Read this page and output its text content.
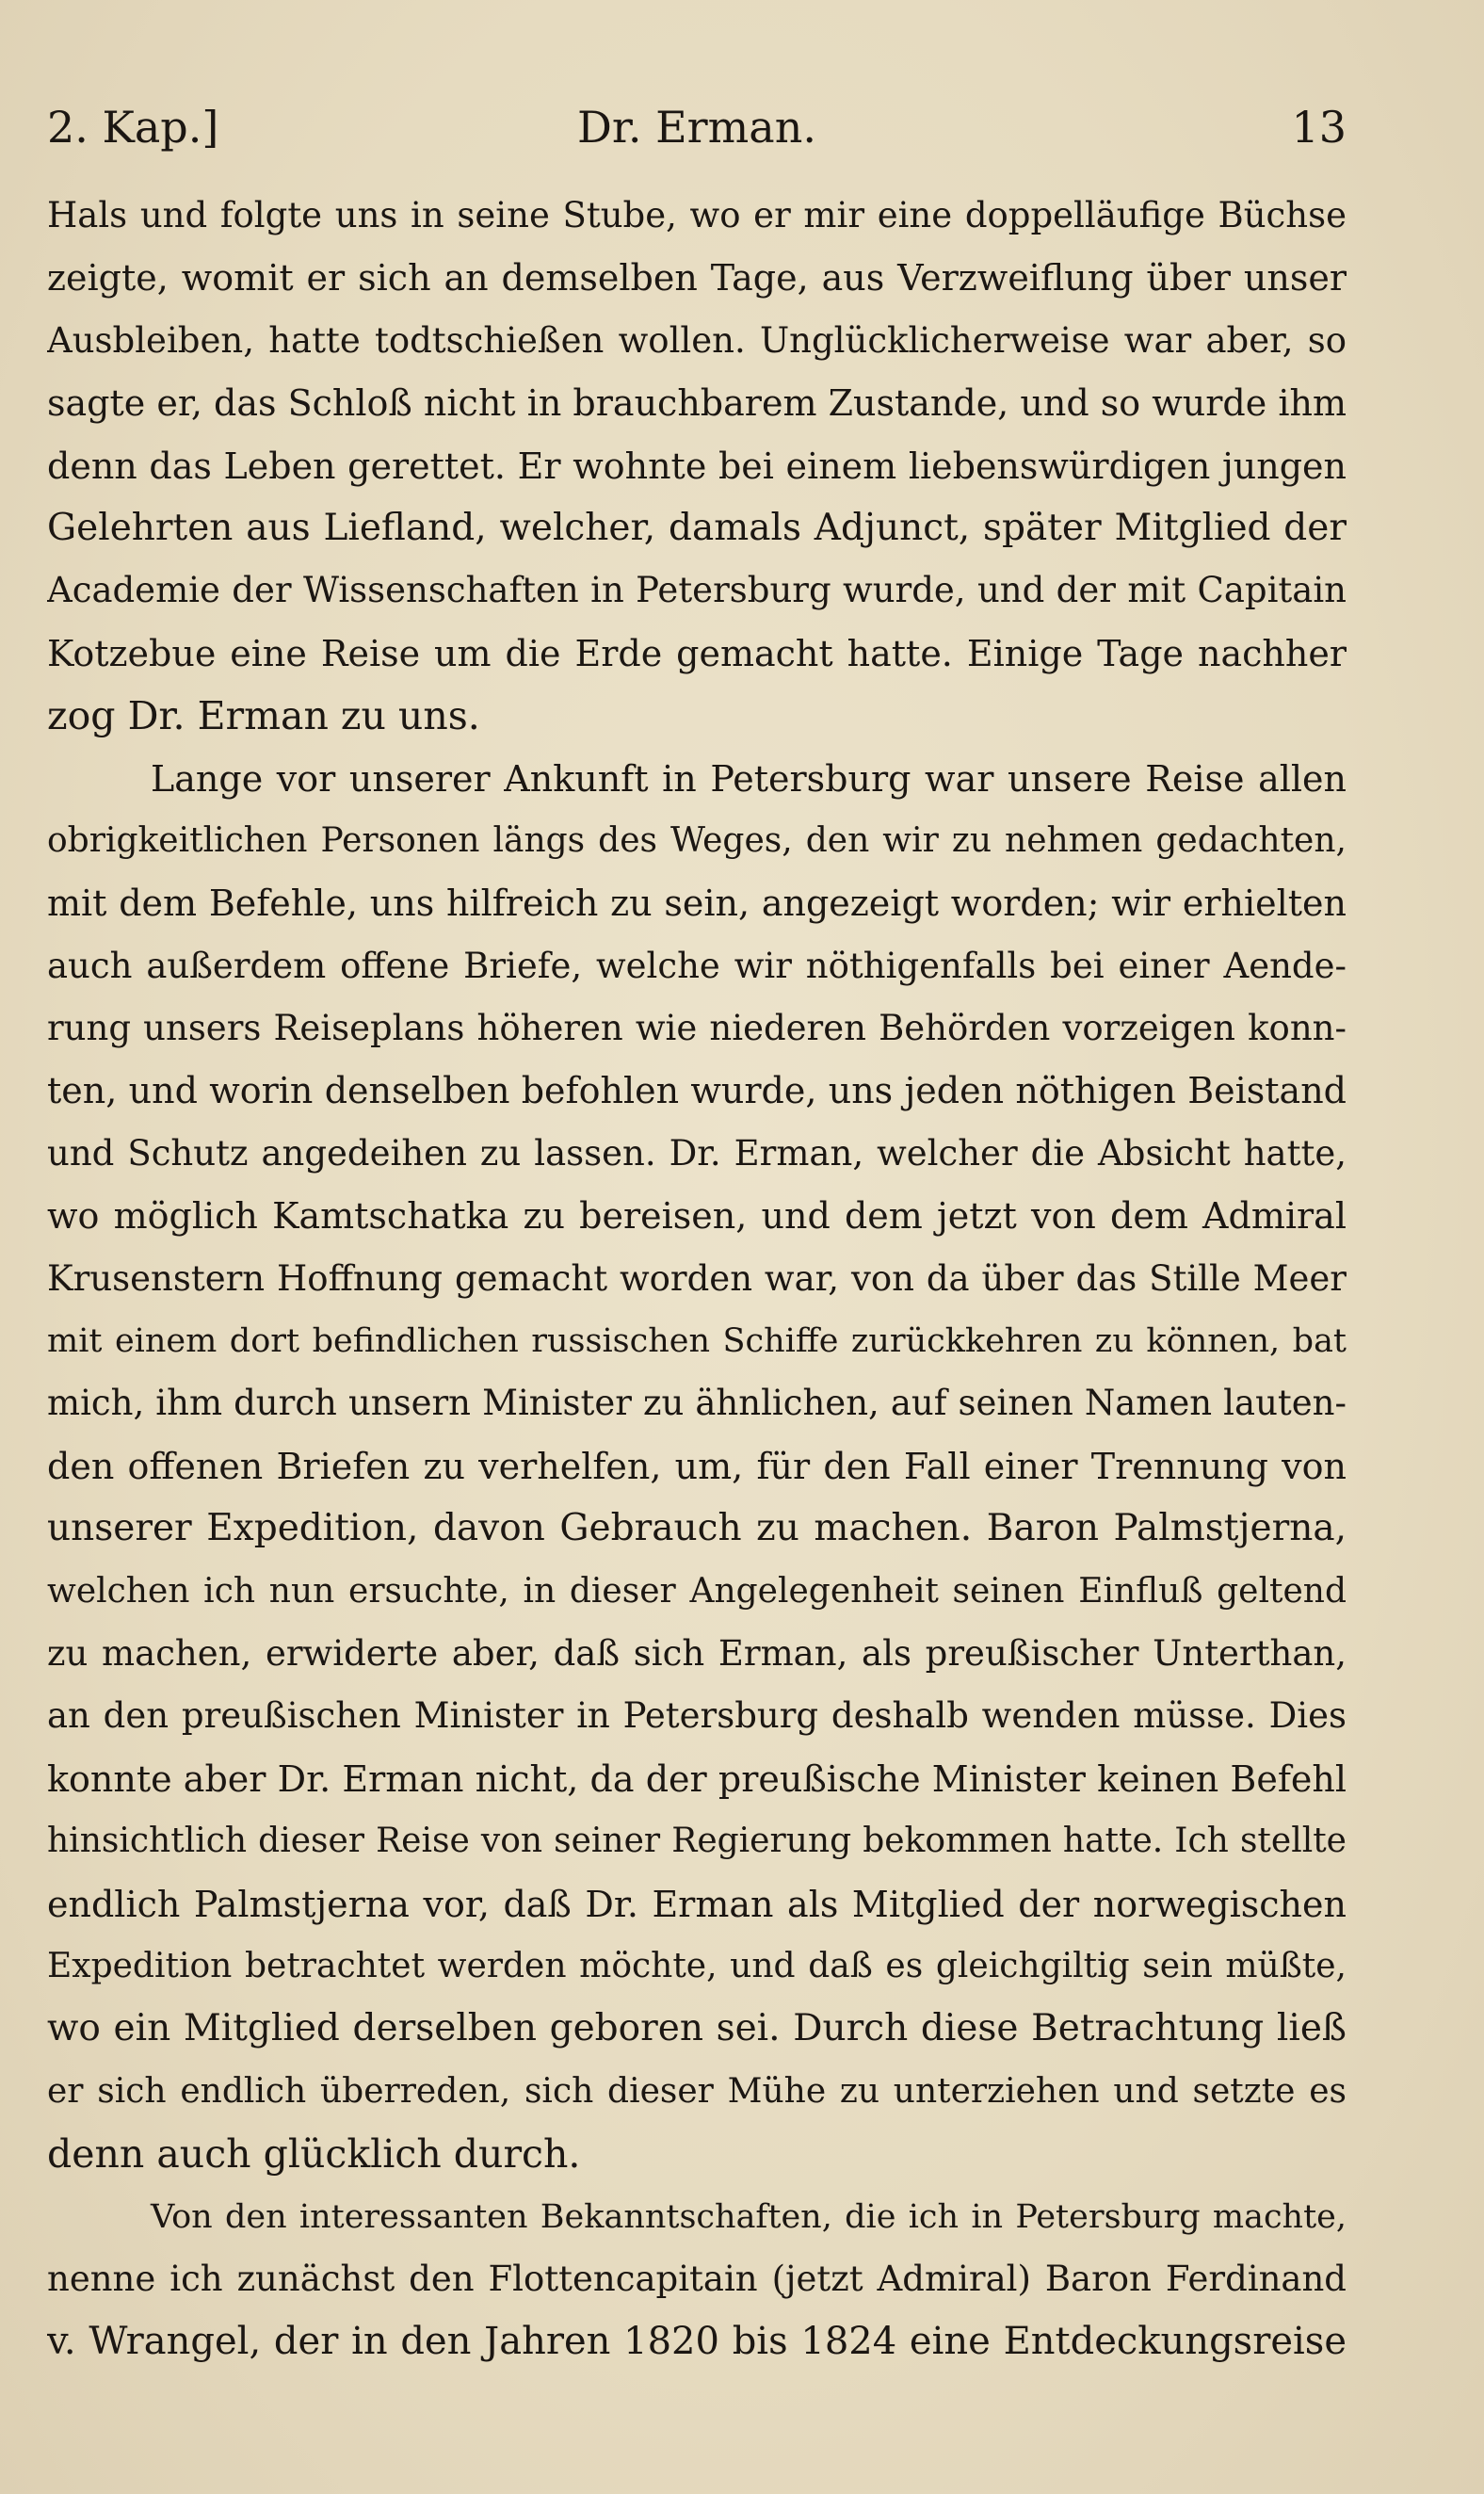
2. Kap.]	Dr. Erman.	13
Hals und folgte uns in seine Stube, wo er mir eine doppelläufige Büchse
zeigte, womit er sich an demselben Tage, aus Verzweiflung über unser
Ausbleiben, hatte todtschießen wollen. Unglücklicherweise war aber, so
sagte er, das Schloß nicht in brauchbarem Zustande, und so wurde ihm
denn das Leben gerettet. Er wohnte bei einem liebenswürdigen jungen
Gelehrten aus Liefland, welcher, damals Adjunct, später Mitglied der
Academie der Wissenschaften in Petersburg wurde, und der mit Capitain
Kotzebue eine Reise um die Erde gemacht hatte. Einige Tage nachher
zog Dr. Erman zu uns.
Lange vor unserer Ankunft in Petersburg war unsere Reise allen
obrigkeitlichen Personen längs des Weges, den wir zu nehmen gedachten,
mit dem Befehle, uns hilfreich zu sein, angezeigt worden; wir erhielten
auch außerdem offene Briefe, welche wir nöthigenfalls bei einer Aende-
rung unsers Reiseplans höheren wie niederen Behörden vorzeigen konn-
ten, und worin denselben befohlen wurde, uns jeden nöthigen Beistand
und Schutz angedeihen zu lassen. Dr. Erman, welcher die Absicht hatte,
wo möglich Kamtschatka zu bereisen, und dem jetzt von dem Admiral
Krusenstern Hoffnung gemacht worden war, von da über das Stille Meer
mit einem dort befindlichen russischen Schiffe zurückkehren zu können, bat
mich, ihm durch unsern Minister zu ähnlichen, auf seinen Namen lauten-
den offenen Briefen zu verhelfen, um, für den Fall einer Trennung von
unserer Expedition, davon Gebrauch zu machen. Baron Palmstjerna,
welchen ich nun ersuchte, in dieser Angelegenheit seinen Einfluß geltend
zu machen, erwiderte aber, daß sich Erman, als preußischer Unterthan,
an den preußischen Minister in Petersburg deshalb wenden müsse. Dies
konnte aber Dr. Erman nicht, da der preußische Minister keinen Befehl
hinsichtlich dieser Reise von seiner Regierung bekommen hatte. Ich stellte
endlich Palmstjerna vor, daß Dr. Erman als Mitglied der norwegischen
Expedition betrachtet werden möchte, und daß es gleichgiltig sein müßte,
wo ein Mitglied derselben geboren sei. Durch diese Betrachtung ließ
er sich endlich überreden, sich dieser Mühe zu unterziehen und setzte es
denn auch glücklich durch.
Von den interessanten Bekanntschaften, die ich in Petersburg machte,
nenne ich zunächst den Flottencapitain (jetzt Admiral) Baron Ferdinand
v. Wrangel, der in den Jahren 1820 bis 1824 eine Entdeckungsreise
